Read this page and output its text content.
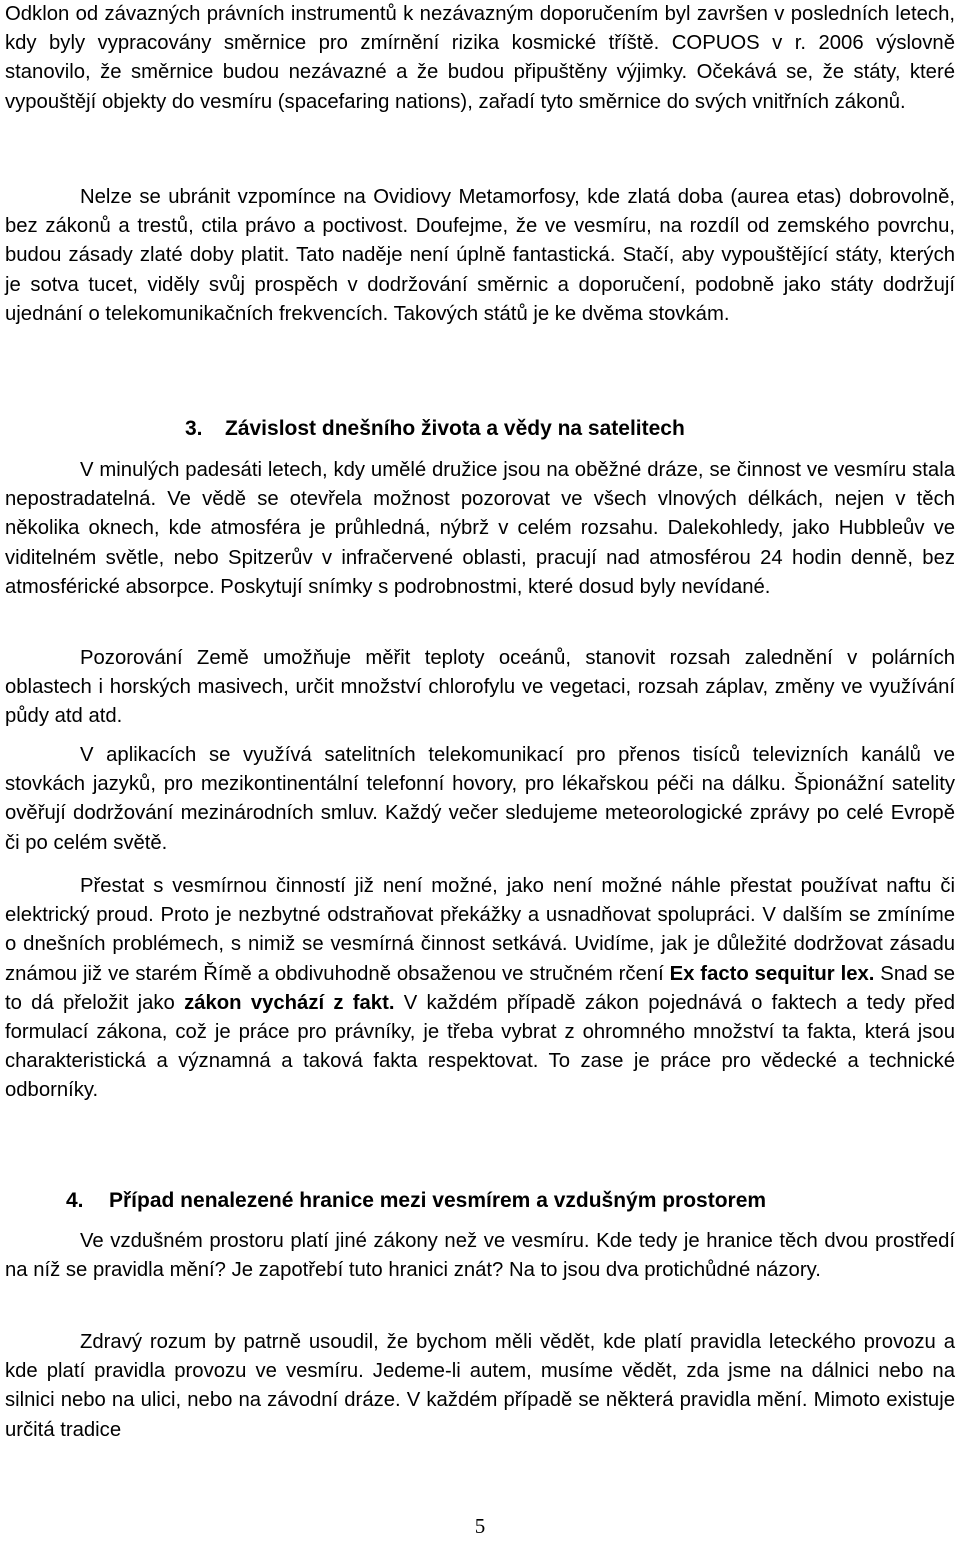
Odklon od závazných právních instrumentů k nezávazným doporučením byl završen v posledních letech, kdy byly vypracovány směrnice pro zmírnění rizika kosmické tříště. COPUOS v r. 2006 výslovně stanovilo, že směrnice budou nezávazné a že budou připuštěny výjimky. Očekává se, že státy, které vypouštějí objekty do vesmíru (spacefaring nations), zařadí tyto směrnice do svých vnitřních zákonů.

Nelze se ubránit vzpomínce na Ovidiovy Metamorfosy, kde zlatá doba (aurea etas) dobrovolně, bez zákonů a trestů, ctila právo a poctivost. Doufejme, že ve vesmíru, na rozdíl od zemského povrchu, budou zásady zlaté doby platit. Tato naděje není úplně fantastická. Stačí, aby vypouštějící státy, kterých je sotva tucet, viděly svůj prospěch v dodržování směrnic a doporučení, podobně jako státy dodržují ujednání o telekomunikačních frekvencích. Takových států je ke dvěma stovkám.

3. Závislost dnešního života a vědy na satelitech

V minulých padesáti letech, kdy umělé družice jsou na oběžné dráze, se činnost ve vesmíru stala nepostradatelná. Ve vědě se otevřela možnost pozorovat ve všech vlnových délkách, nejen v těch několika oknech, kde atmosféra je průhledná, nýbrž v celém rozsahu. Dalekohledy, jako Hubbleův ve viditelném světle, nebo Spitzerův v infračervené oblasti, pracují nad atmosférou 24 hodin denně, bez atmosférické absorpce. Poskytují snímky s podrobnostmi, které dosud byly nevídané.

Pozorování Země umožňuje měřit teploty oceánů, stanovit rozsah zalednění v polárních oblastech i horských masivech, určit množství chlorofylu ve vegetaci, rozsah záplav, změny ve využívání půdy atd atd.

V aplikacích se využívá satelitních telekomunikací pro přenos tisíců televizních kanálů ve stovkách jazyků, pro mezikontinentální telefonní hovory, pro lékařskou péči na dálku. Špionážní satelity ověřují dodržování mezinárodních smluv. Každý večer sledujeme meteorologické zprávy po celé Evropě či po celém světě.

Přestat s vesmírnou činností již není možné, jako není možné náhle přestat používat naftu či elektrický proud. Proto je nezbytné odstraňovat překážky a usnadňovat spolupráci. V dalším se zmíníme o dnešních problémech, s nimiž se vesmírná činnost setkává. Uvidíme, jak je důležité dodržovat zásadu známou již ve starém Římě a obdivuhodně obsaženou ve stručném rčení Ex facto sequitur lex. Snad se to dá přeložit jako zákon vychází z fakt. V každém případě zákon pojednává o faktech a tedy před formulací zákona, což je práce pro právníky, je třeba vybrat z ohromného množství ta fakta, která jsou charakteristická a významná a taková fakta respektovat. To zase je práce pro vědecké a technické odborníky.

4. Případ nenalezené hranice mezi vesmírem a vzdušným prostorem

Ve vzdušném prostoru platí jiné zákony než ve vesmíru. Kde tedy je hranice těch dvou prostředí na níž se pravidla mění? Je zapotřebí tuto hranici znát? Na to jsou dva protichůdné názory.

Zdravý rozum by patrně usoudil, že bychom měli vědět, kde platí pravidla leteckého provozu a kde platí pravidla provozu ve vesmíru. Jedeme-li autem, musíme vědět, zda jsme na dálnici nebo na silnici nebo na ulici, nebo na závodní dráze. V každém případě se některá pravidla mění. Mimoto existuje určitá tradice

5
